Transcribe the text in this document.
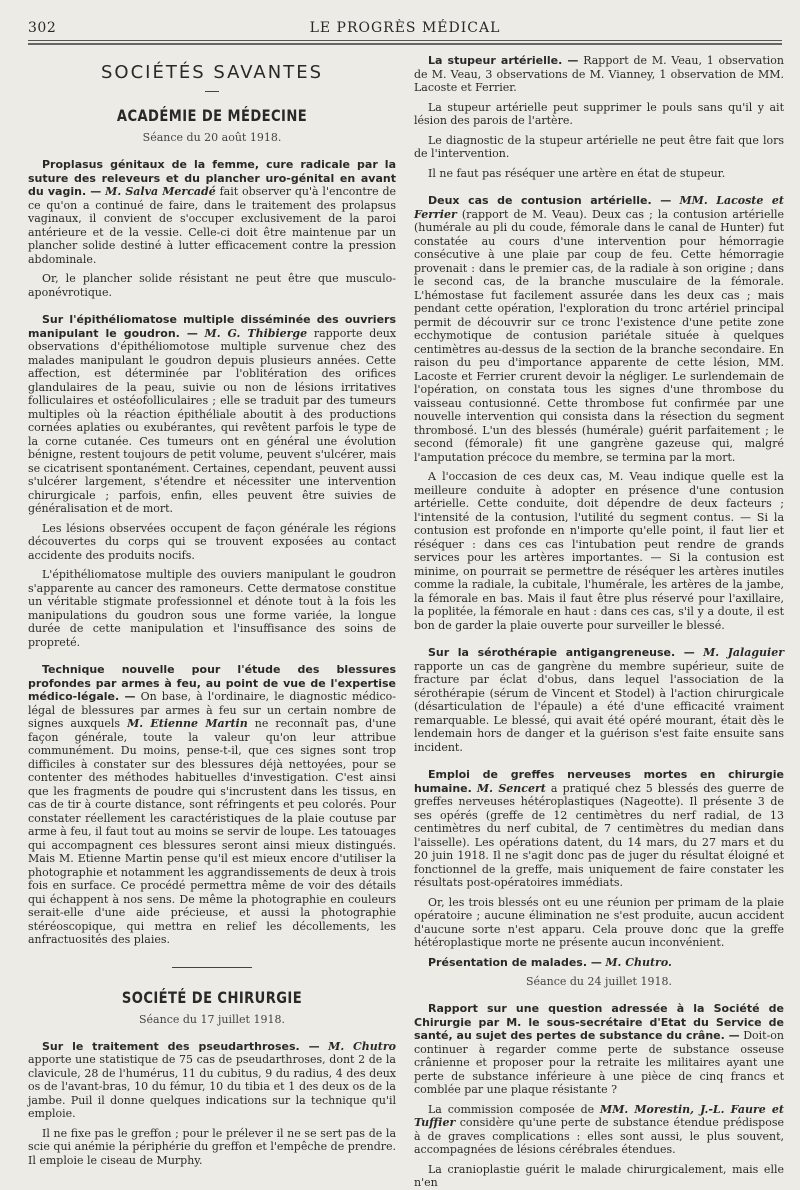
302	LE PROGRÈS MÉDICAL
SOCIÉTÉS SAVANTES
ACADÉMIE DE MÉDECINE
Séance du 20 août 1918.

Proplasus génitaux de la femme, cure radicale par la suture des releveurs et du plancher uro-génital en avant du vagin. — M. Salva Mercadé fait observer qu'à l'encontre de ce qu'on a continué de faire, dans le traitement des prolapsus vaginaux, il convient de s'occuper exclusivement de la paroi antérieure et de la vessie. Celle-ci doit être maintenue par un plancher solide destiné à lutter efficacement contre la pression abdominale.

Or, le plancher solide résistant ne peut être que musculo-aponévrotique.

Sur l'épithéliomatose multiple disséminée des ouvriers manipulant le goudron. — M. G. Thibierge rapporte deux observations d'épithéliomotose multiple survenue chez des malades manipulant le goudron depuis plusieurs années. Cette affection, est déterminée par l'oblitération des orifices glandulaires de la peau, suivie ou non de lésions irritatives folliculaires et ostéofolliculaires ; elle se traduit par des tumeurs multiples où la réaction épithéliale aboutit à des productions cornées aplaties ou exubérantes, qui revêtent parfois le type de la corne cutanée. Ces tumeurs ont en général une évolution bénigne, restent toujours de petit volume, peuvent s'ulcérer, mais se cicatrisent spontanément. Certaines, cependant, peuvent aussi s'ulcérer largement, s'étendre et nécessiter une intervention chirurgicale ; parfois, enfin, elles peuvent être suivies de généralisation et de mort.

Les lésions observées occupent de façon générale les régions découvertes du corps qui se trouvent exposées au contact accidente des produits nocifs.

L'épithéliomatose multiple des ouviers manipulant le goudron s'apparente au cancer des ramoneurs. Cette dermatose constitue un véritable stigmate professionnel et dénote tout à la fois les manipulations du goudron sous une forme variée, la longue durée de cette manipulation et l'insuffisance des soins de propreté.

Technique nouvelle pour l'étude des blessures profondes par armes à feu, au point de vue de l'expertise médico-légale. — On base, à l'ordinaire, le diagnostic médico-légal de blessures par armes à feu sur un certain nombre de signes auxquels M. Etienne Martin ne reconnaît pas, d'une façon générale, toute la valeur qu'on leur attribue communément. Du moins, pense-t-il, que ces signes sont trop difficiles à constater sur des blessures déjà nettoyées, pour se contenter des méthodes habituelles d'investigation. C'est ainsi que les fragments de poudre qui s'incrustent dans les tissus, en cas de tir à courte distance, sont réfringents et peu colorés. Pour constater réellement les caractéristiques de la plaie coutuse par arme à feu, il faut tout au moins se servir de loupe. Les tatouages qui accompagnent ces blessures seront ainsi mieux distingués. Mais M. Etienne Martin pense qu'il est mieux encore d'utiliser la photographie et notamment les aggrandissements de deux à trois fois en surface. Ce procédé permettra même de voir des détails qui échappent à nos sens. De même la photographie en couleurs serait-elle d'une aide précieuse, et aussi la photographie stéréoscopique, qui mettra en relief les décollements, les anfractuosités des plaies.

SOCIÉTÉ DE CHIRURGIE
Séance du 17 juillet 1918.

Sur le traitement des pseudarthroses. — M. Chutro apporte une statistique de 75 cas de pseudarthroses, dont 2 de la clavicule, 28 de l'humérus, 11 du cubitus, 9 du radius, 4 des deux os de l'avant-bras, 10 du fémur, 10 du tibia et 1 des deux os de la jambe. Puil il donne quelques indications sur la technique qu'il emploie.

Il ne fixe pas le greffon ; pour le prélever il ne se sert pas de la scie qui anémie la périphérie du greffon et l'empêche de prendre. Il emploie le ciseau de Murphy.

La stupeur artérielle. — Rapport de M. Veau, 1 observation de M. Veau, 3 observations de M. Vianney, 1 observation de MM. Lacoste et Ferrier.

La stupeur artérielle peut supprimer le pouls sans qu'il y ait lésion des parois de l'artère.

Le diagnostic de la stupeur artérielle ne peut être fait que lors de l'intervention.

Il ne faut pas réséquer une artère en état de stupeur.

Deux cas de contusion artérielle. — MM. Lacoste et Ferrier (rapport de M. Veau). Deux cas ; la contusion artérielle (humérale au pli du coude, fémorale dans le canal de Hunter) fut constatée au cours d'une intervention pour hémorragie consécutive à une plaie par coup de feu. Cette hémorragie provenait : dans le premier cas, de la radiale à son origine ; dans le second cas, de la branche musculaire de la fémorale. L'hémostase fut facilement assurée dans les deux cas ; mais pendant cette opération, l'exploration du tronc artériel principal permit de découvrir sur ce tronc l'existence d'une petite zone ecchymotique de contusion pariétale située à quelques centimètres au-dessus de la section de la branche secondaire. En raison du peu d'importance apparente de cette lésion, MM. Lacoste et Ferrier crurent devoir la négliger. Le surlendemain de l'opération, on constata tous les signes d'une thrombose du vaisseau contusionné. Cette thrombose fut confirmée par une nouvelle intervention qui consista dans la résection du segment thrombosé. L'un des blessés (humérale) guérit parfaitement ; le second (fémorale) fit une gangrène gazeuse qui, malgré l'amputation précoce du membre, se termina par la mort.

A l'occasion de ces deux cas, M. Veau indique quelle est la meilleure conduite à adopter en présence d'une contusion artérielle. Cette conduite, doit dépendre de deux facteurs ; l'intensité de la contusion, l'utilité du segment contus. — Si la contusion est profonde en n'importe qu'elle point, il faut lier et réséquer : dans ces cas l'intubation peut rendre de grands services pour les artères importantes. — Si la contusion est minime, on pourrait se permettre de réséquer les artères inutiles comme la radiale, la cubitale, l'humérale, les artères de la jambe, la fémorale en bas. Mais il faut être plus réservé pour l'axillaire, la poplitée, la fémorale en haut : dans ces cas, s'il y a doute, il est bon de garder la plaie ouverte pour surveiller le blessé.

Sur la sérothérapie antigangreneuse. — M. Jalaguier rapporte un cas de gangrène du membre supérieur, suite de fracture par éclat d'obus, dans lequel l'association de la sérothérapie (sérum de Vincent et Stodel) à l'action chirurgicale (désarticulation de l'épaule) a été d'une efficacité vraiment remarquable. Le blessé, qui avait été opéré mourant, était dès le lendemain hors de danger et la guérison s'est faite ensuite sans incident.

Emploi de greffes nerveuses mortes en chirurgie humaine. M. Sencert a pratiqué chez 5 blessés des guerre de greffes nerveuses hétéroplastiques (Nageotte). Il présente 3 de ses opérés (greffe de 12 centimètres du nerf radial, de 13 centimètres du nerf cubital, de 7 centimètres du median dans l'aisselle). Les opérations datent, du 14 mars, du 27 mars et du 20 juin 1918. Il ne s'agit donc pas de juger du résultat éloigné et fonctionnel de la greffe, mais uniquement de faire constater les résultats post-opératoires immédiats.

Or, les trois blessés ont eu une réunion per primam de la plaie opératoire ; aucune élimination ne s'est produite, aucun accident d'aucune sorte n'est apparu. Cela prouve donc que la greffe hétéroplastique morte ne présente aucun inconvénient.

Présentation de malades. — M. Chutro.

Séance du 24 juillet 1918.

Rapport sur une question adressée à la Société de Chirurgie par M. le sous-secrétaire d'Etat du Service de santé, au sujet des pertes de substance du crâne. — Doit-on continuer à regarder comme perte de substance osseuse crânienne et proposer pour la retraite les militaires ayant une perte de substance inférieure à une pièce de cinq francs et comblée par une plaque résistante ?

La commission composée de MM. Morestin, J.-L. Faure et Tuffier considère qu'une perte de substance étendue prédispose à de graves complications : elles sont aussi, le plus souvent, accompagnées de lésions cérébrales étendues.

La cranioplastie guérit le malade chirurgicalement, mais elle n'en
